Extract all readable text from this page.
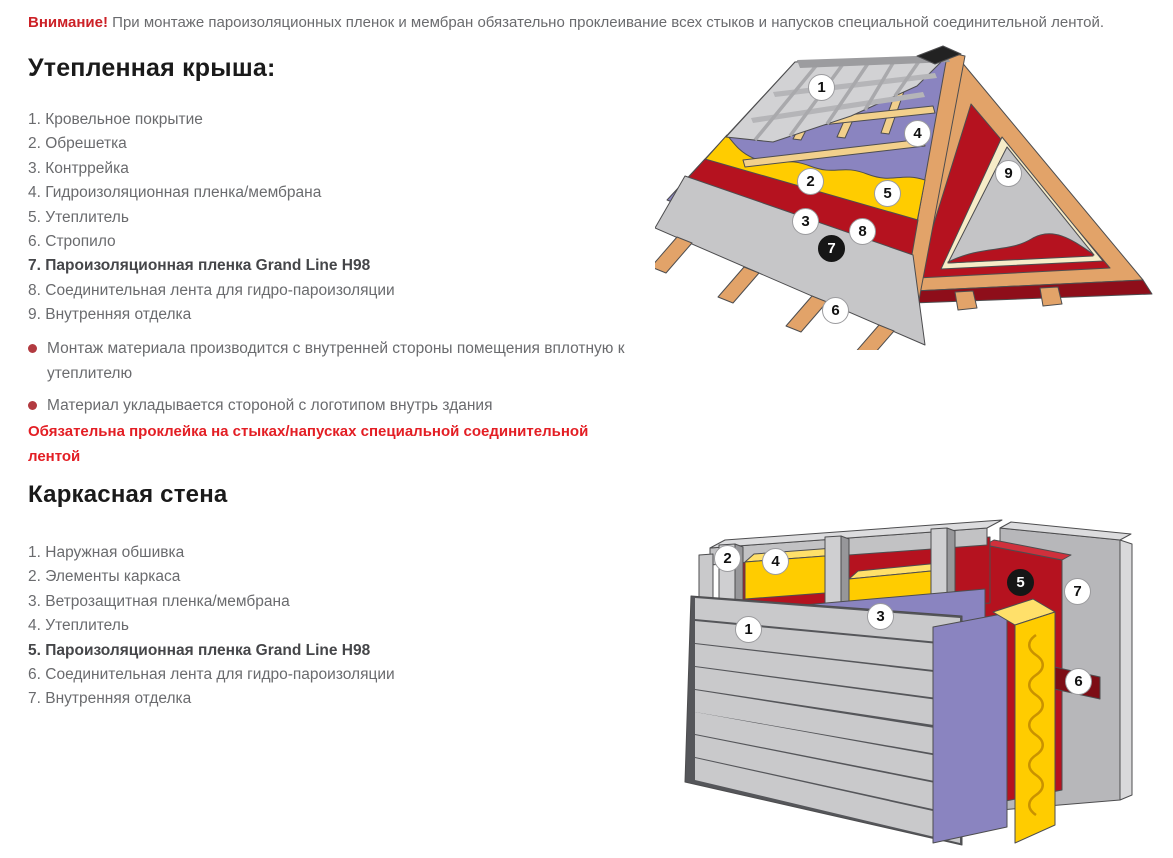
Внимание! При монтаже пароизоляционных пленок и мембран обязательно проклеивание всех стыков и напусков специальной соединительной лентой.

Утепленная крыша:
1. Кровельное покрытие
2. Обрешетка
3. Контррейка
4. Гидроизоляционная пленка/мембрана
5. Утеплитель
6. Стропило
7. Пароизоляционная пленка Grand Line H98
8. Соединительная лента для гидро-пароизоляции
9. Внутренняя отделка
Монтаж материала производится с внутренней стороны помещения вплотную к утеплителю
Материал укладывается стороной с логотипом внутрь здания

Обязательна проклейка на стыках/напусках специальной соединительной лентой

Каркасная стена
1. Наружная обшивка
2. Элементы каркаса
3. Ветрозащитная пленка/мембрана
4. Утеплитель
5. Пароизоляционная пленка Grand Line H98
6. Соединительная лента для гидро-пароизоляции
7. Внутренняя отделка
1
2
3
4
5
6
7
8
9
1
2
3
4
5
6
7
